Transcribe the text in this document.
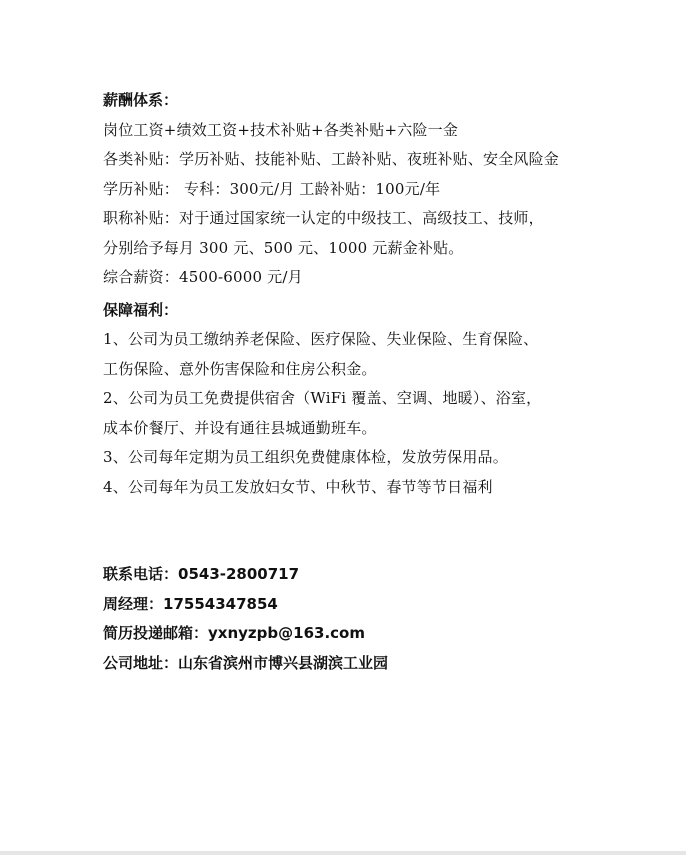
薪酬体系：
岗位工资+绩效工资+技术补贴+各类补贴+六险一金
各类补贴：学历补贴、技能补贴、工龄补贴、夜班补贴、安全风险金
学历补贴： 专科：300元/月 工龄补贴：100元/年
职称补贴：对于通过国家统一认定的中级技工、高级技工、技师，
分别给予每月 300 元、500 元、1000 元薪金补贴。
综合薪资：4500-6000 元/月
保障福利：
1、公司为员工缴纳养老保险、医疗保险、失业保险、生育保险、
工伤保险、意外伤害保险和住房公积金。
2、公司为员工免费提供宿舍（WiFi 覆盖、空调、地暖）、浴室，
成本价餐厅、并设有通往县城通勤班车。
3、公司每年定期为员工组织免费健康体检，发放劳保用品。
4、公司每年为员工发放妇女节、中秋节、春节等节日福利
联系电话：0543-2800717
周经理：17554347854
简历投递邮箱：yxnyzpb@163.com
公司地址：山东省滨州市博兴县湖滨工业园
